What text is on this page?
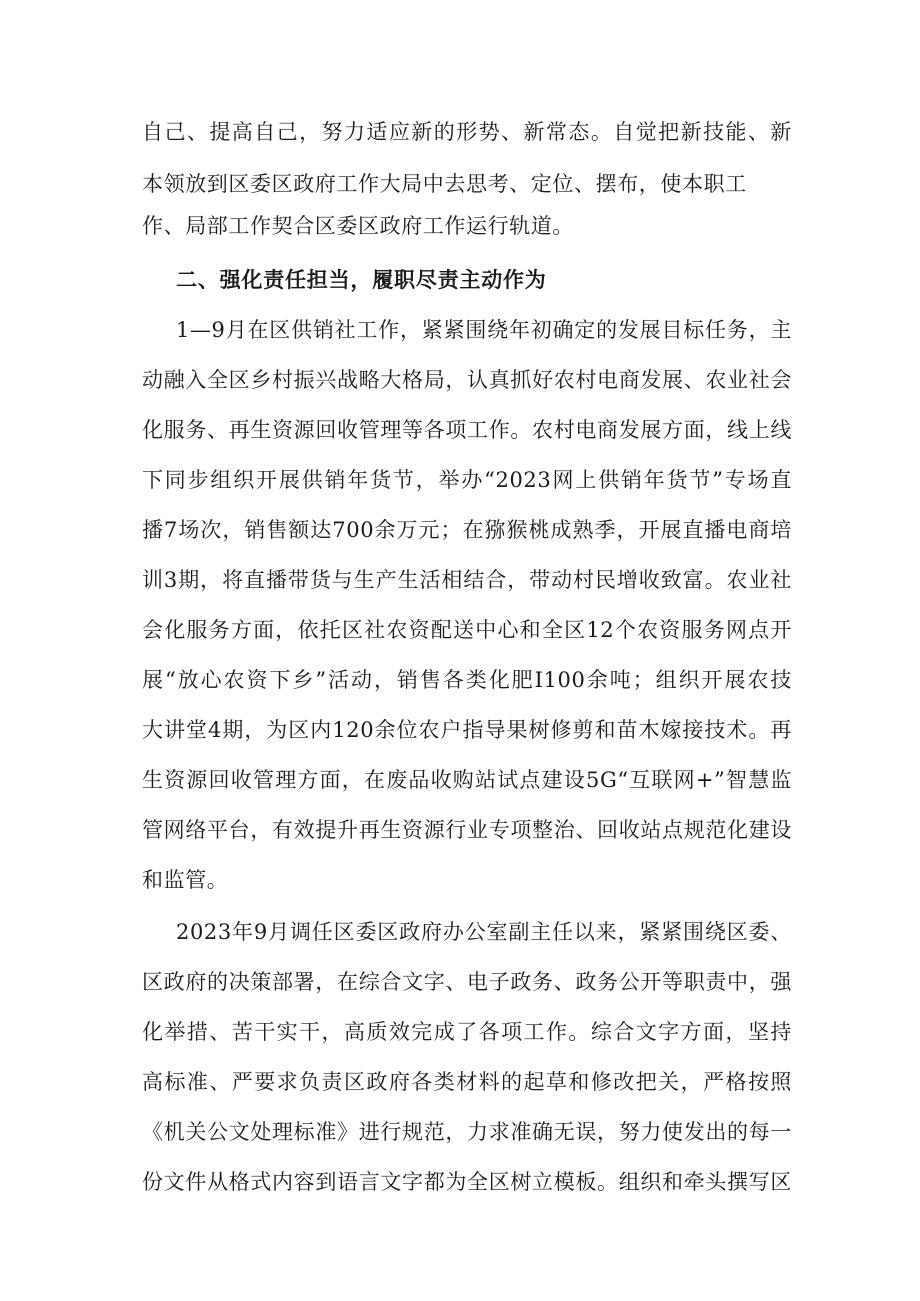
自己、提高自己，努力适应新的形势、新常态。自觉把新技能、新
本领放到区委区政府工作大局中去思考、定位、摆布，使本职工
作、局部工作契合区委区政府工作运行轨道。
二、强化责任担当，履职尽责主动作为
1—9月在区供销社工作，紧紧围绕年初确定的发展目标任务，主
动融入全区乡村振兴战略大格局，认真抓好农村电商发展、农业社会
化服务、再生资源回收管理等各项工作。农村电商发展方面，线上线
下同步组织开展供销年货节，举办“2023网上供销年货节”专场直
播7场次，销售额达700余万元；在猕猴桃成熟季，开展直播电商培
训3期，将直播带货与生产生活相结合，带动村民增收致富。农业社
会化服务方面，依托区社农资配送中心和全区12个农资服务网点开
展“放心农资下乡”活动，销售各类化肥I100余吨；组织开展农技
大讲堂4期，为区内120余位农户指导果树修剪和苗木嫁接技术。再
生资源回收管理方面，在废品收购站试点建设5G“互联网+”智慧监
管网络平台，有效提升再生资源行业专项整治、回收站点规范化建设
和监管。
2023年9月调任区委区政府办公室副主任以来，紧紧围绕区委、
区政府的决策部署，在综合文字、电子政务、政务公开等职责中，强
化举措、苦干实干，高质效完成了各项工作。综合文字方面，坚持
高标准、严要求负责区政府各类材料的起草和修改把关，严格按照
《机关公文处理标准》进行规范，力求准确无误，努力使发出的每一
份文件从格式内容到语言文字都为全区树立模板。组织和牵头撰写区
